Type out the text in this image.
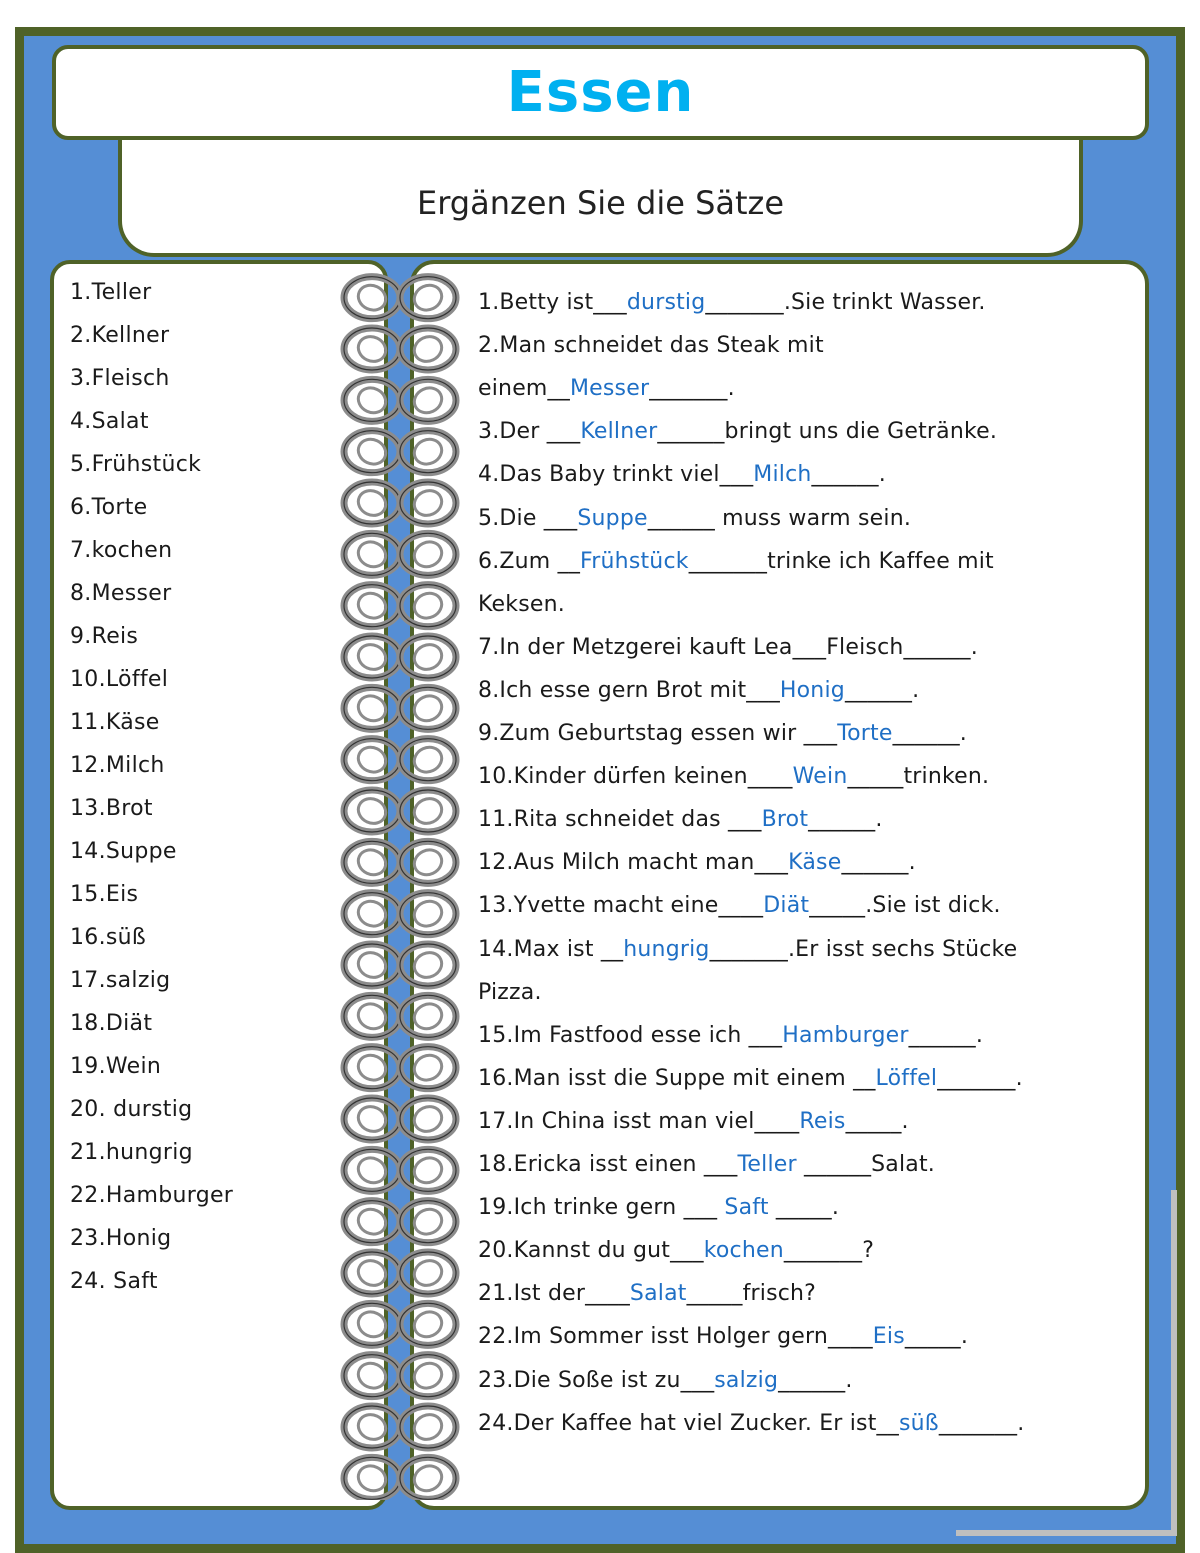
Essen
Ergänzen Sie die Sätze
1.Teller
2.Kellner
3.Fleisch
4.Salat
5.Frühstück
6.Torte
7.kochen
8.Messer
9.Reis
10.Löffel
11.Käse
12.Milch
13.Brot
14.Suppe
15.Eis
16.süß
17.salzig
18.Diät
19.Wein
20. durstig
21.hungrig
22.Hamburger
23.Honig
24. Saft
1.Betty ist___durstig_______.Sie trinkt Wasser.
2.Man schneidet das Steak mit
einem__Messer_______.
3.Der ___Kellner______bringt uns die Getränke.
4.Das Baby trinkt viel___Milch______.
5.Die ___Suppe______ muss warm sein.
6.Zum __Frühstück_______trinke ich Kaffee mit
Keksen.
7.In der Metzgerei kauft Lea___Fleisch______.
8.Ich esse gern Brot mit___Honig______.
9.Zum Geburtstag essen wir ___Torte______.
10.Kinder dürfen keinen____Wein_____trinken.
11.Rita schneidet das ___Brot______.
12.Aus Milch macht man___Käse______.
13.Yvette macht eine____Diät_____.Sie ist dick.
14.Max ist __hungrig_______.Er isst sechs Stücke
Pizza.
15.Im Fastfood esse ich ___Hamburger______.
16.Man isst die Suppe mit einem __Löffel_______.
17.In China isst man viel____Reis_____.
18.Ericka isst einen ___Teller ______Salat.
19.Ich trinke gern ___ Saft _____.
20.Kannst du gut___kochen_______?
21.Ist der____Salat_____frisch?
22.Im Sommer isst Holger gern____Eis_____.
23.Die Soße ist zu___salzig______.
24.Der Kaffee hat viel Zucker. Er ist__süß_______.
